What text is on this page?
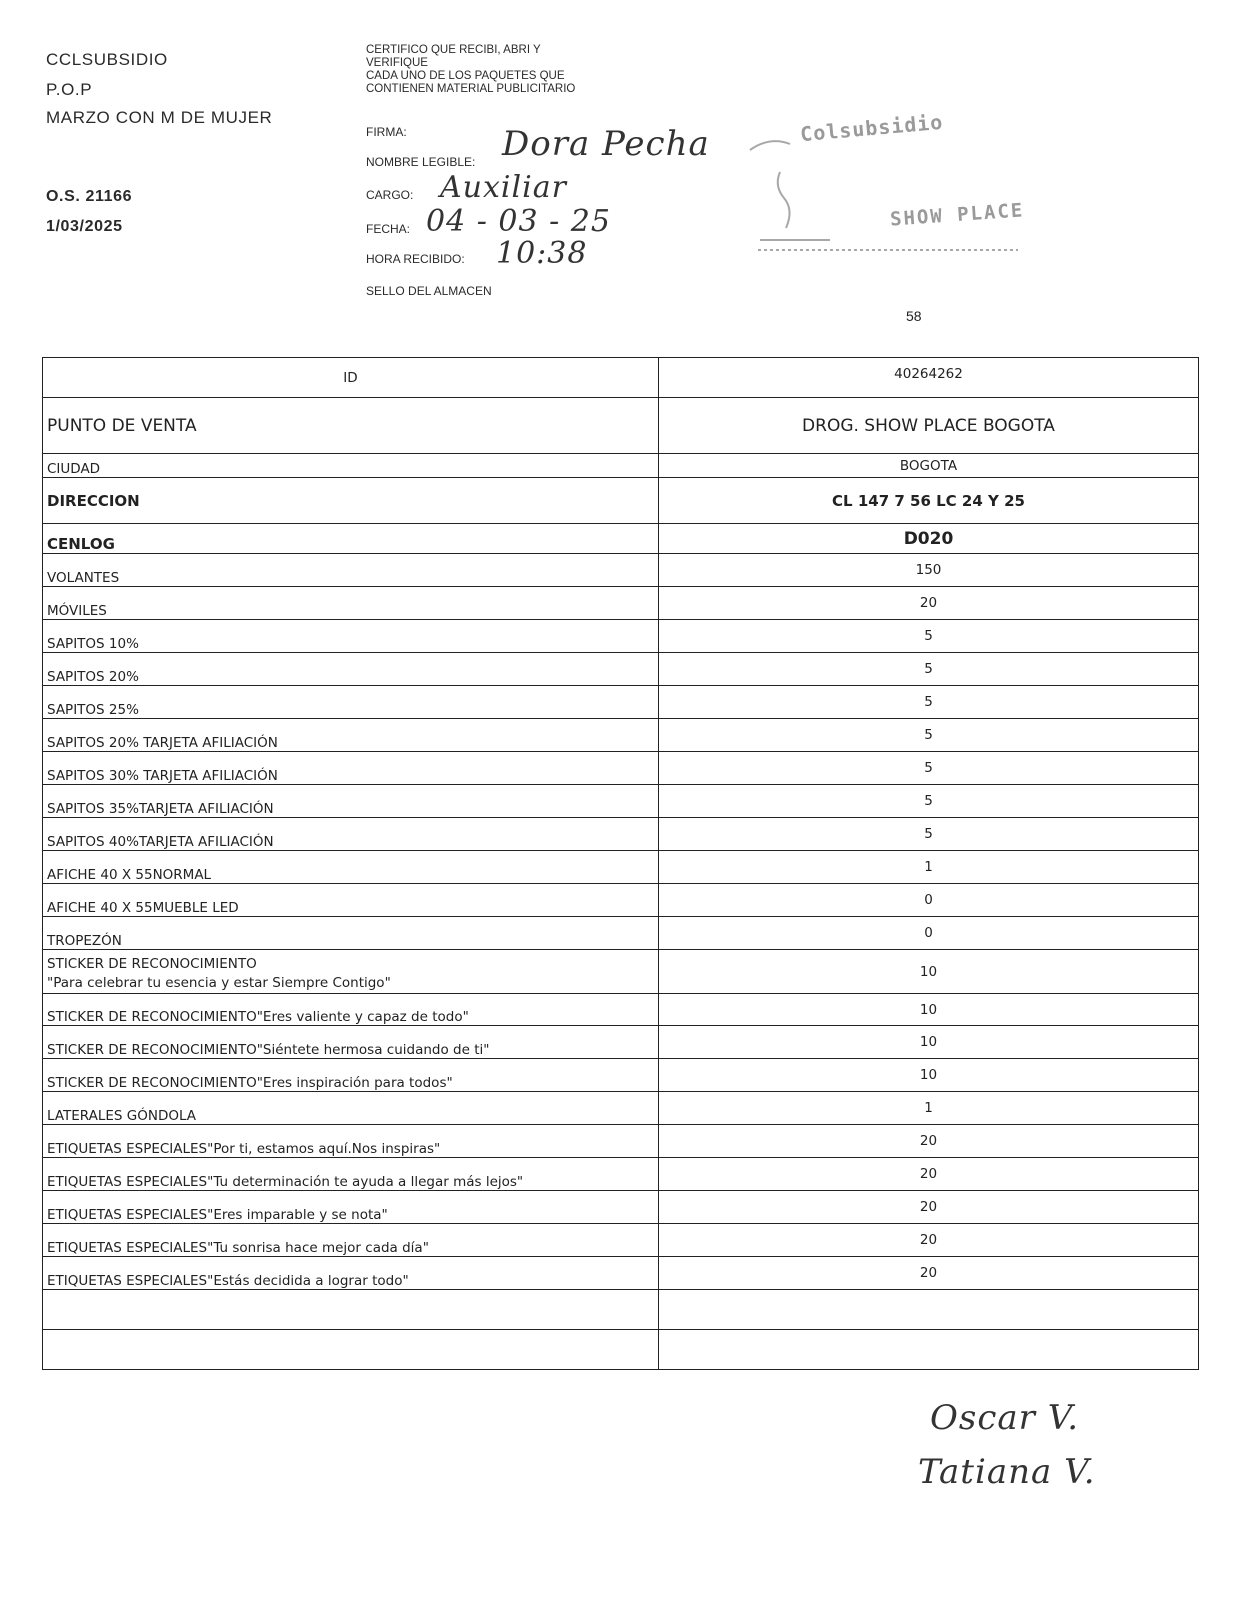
CCLSUBSIDIO
P.O.P
MARZO CON M DE MUJER
O.S. 21166
1/03/2025
CERTIFICO QUE RECIBI, ABRI Y
VERIFIQUE
CADA UNO DE LOS PAQUETES QUE
CONTIENEN MATERIAL PUBLICITARIO
FIRMA:
NOMBRE LEGIBLE: Dora Pecha
CARGO: Auxiliar
FECHA: 04 - 03 - 25
HORA RECIBIDO: 10:38
SELLO DEL ALMACEN
Colsubsidio
SHOW PLACE
58
ID	40264262
PUNTO DE VENTA	DROG. SHOW PLACE BOGOTA
CIUDAD	BOGOTA
DIRECCION	CL 147 7 56 LC 24 Y 25
CENLOG	D020
VOLANTES	150
MÓVILES	20
SAPITOS 10%	5
SAPITOS 20%	5
SAPITOS 25%	5
SAPITOS 20% TARJETA AFILIACIÓN	5
SAPITOS 30% TARJETA AFILIACIÓN	5
SAPITOS 35%TARJETA AFILIACIÓN	5
SAPITOS 40%TARJETA AFILIACIÓN	5
AFICHE 40 X 55NORMAL	1
AFICHE 40 X 55MUEBLE LED	0
TROPEZÓN	0

STICKER DE RECONOCIMIENTO
"Para celebrar tu esencia y estar Siempre Contigo"	10
STICKER DE RECONOCIMIENTO"Eres valiente y capaz de todo"	10
STICKER DE RECONOCIMIENTO"Siéntete hermosa cuidando de ti"	10
STICKER DE RECONOCIMIENTO"Eres inspiración para todos"	10
LATERALES GÓNDOLA	1
ETIQUETAS ESPECIALES"Por ti, estamos aquí.Nos inspiras"	20
ETIQUETAS ESPECIALES"Tu determinación te ayuda a llegar más lejos"	20
ETIQUETAS ESPECIALES"Eres imparable y se nota"	20
ETIQUETAS ESPECIALES"Tu sonrisa hace mejor cada día"	20
ETIQUETAS ESPECIALES"Estás decidida a lograr todo"	20

Oscar V.
Tatiana V.
